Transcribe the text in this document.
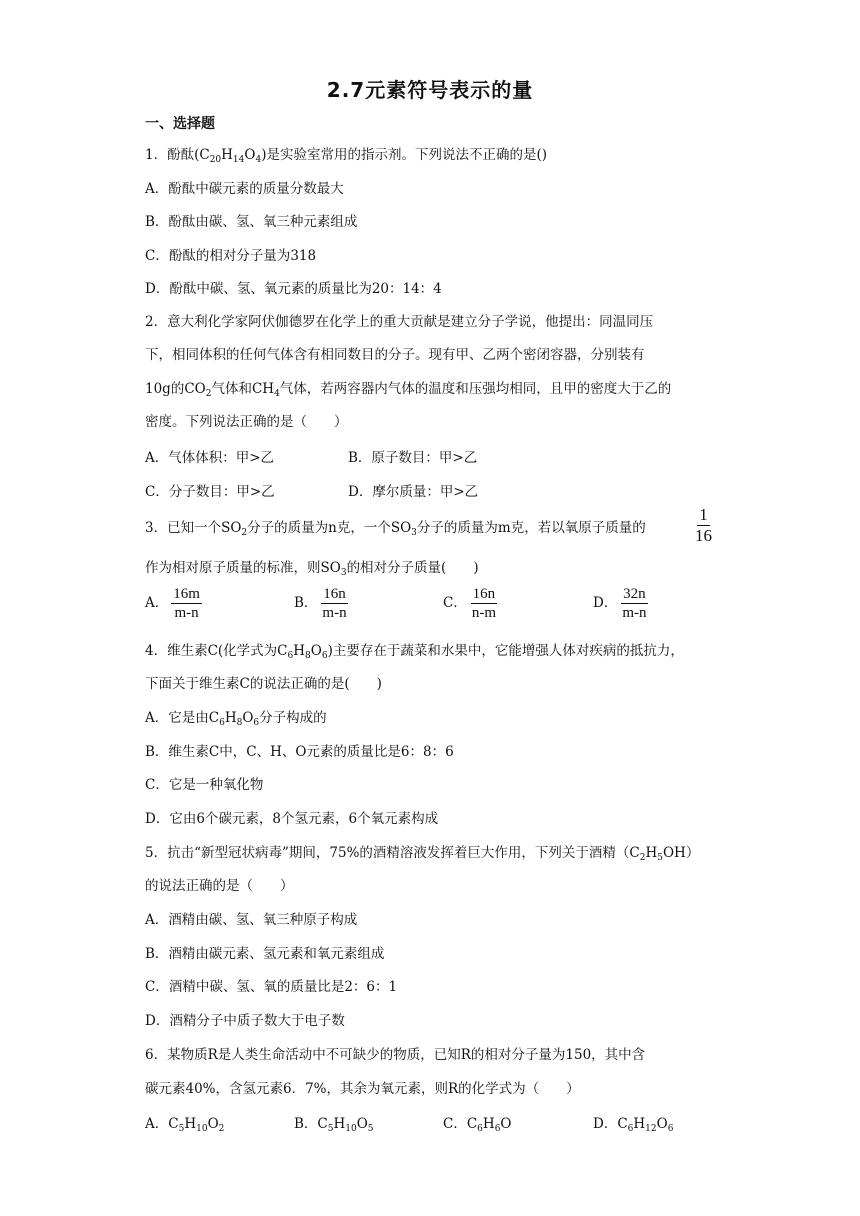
2.7元素符号表示的量
一、选择题
1．酚酞$(C_{20}H_{14}O_4)$是实验室常用的指示剂。下列说法不正确的是()
A．酚酞中碳元素的质量分数最大
B．酚酞由碳、氢、氧三种元素组成
C．酚酞的相对分子量为318
D．酚酞中碳、氢、氧元素的质量比为20：14：4
2．意大利化学家阿伏伽德罗在化学上的重大贡献是建立分子学说，他提出：同温同压
下，相同体积的任何气体含有相同数目的分子。现有甲、乙两个密闭容器，分别装有
10g的$CO_2$气体和$CH_4$气体，若两容器内气体的温度和压强均相同，且甲的密度大于乙的
密度。下列说法正确的是（　　）
A．气体体积：甲>乙	B．原子数目：甲>乙
C．分子数目：甲>乙	D．摩尔质量：甲>乙
3．已知一个$SO_2$分子的质量为n克，一个$SO_3$分子的质量为m克，若以氧原子质量的	$\frac{1}{16}$
作为相对原子质量的标准，则$SO_3$的相对分子质量(　　)
A． $\frac{16m}{m-n}$	B． $\frac{16n}{m-n}$	C． $\frac{16n}{n-m}$	D． $\frac{32n}{m-n}$
4．维生素C(化学式为$C_6H_8O_6$)主要存在于蔬菜和水果中，它能增强人体对疾病的抵抗力，
下面关于维生素C的说法正确的是(　　)
A．它是由$C_6H_8O_6$分子构成的
B．维生素C中，C、H、O元素的质量比是6：8：6
C．它是一种氧化物
D．它由6个碳元素，8个氢元素，6个氧元素构成
5．抗击“新型冠状病毒”期间，75%的酒精溶液发挥着巨大作用，下列关于酒精$(C_2H_5OH)$
的说法正确的是（　　）
A．酒精由碳、氢、氧三种原子构成
B．酒精由碳元素、氢元素和氧元素组成
C．酒精中碳、氢、氧的质量比是2：6：1
D．酒精分子中质子数大于电子数
6．某物质R是人类生命活动中不可缺少的物质，已知R的相对分子量为150，其中含
碳元素40%，含氢元素6．7%，其余为氧元素，则R的化学式为（　　）
A．$C_5H_{10}O_2$	B．$C_5H_{10}O_5$	C．$C_6H_6O$	D．$C_6H_{12}O_6$
